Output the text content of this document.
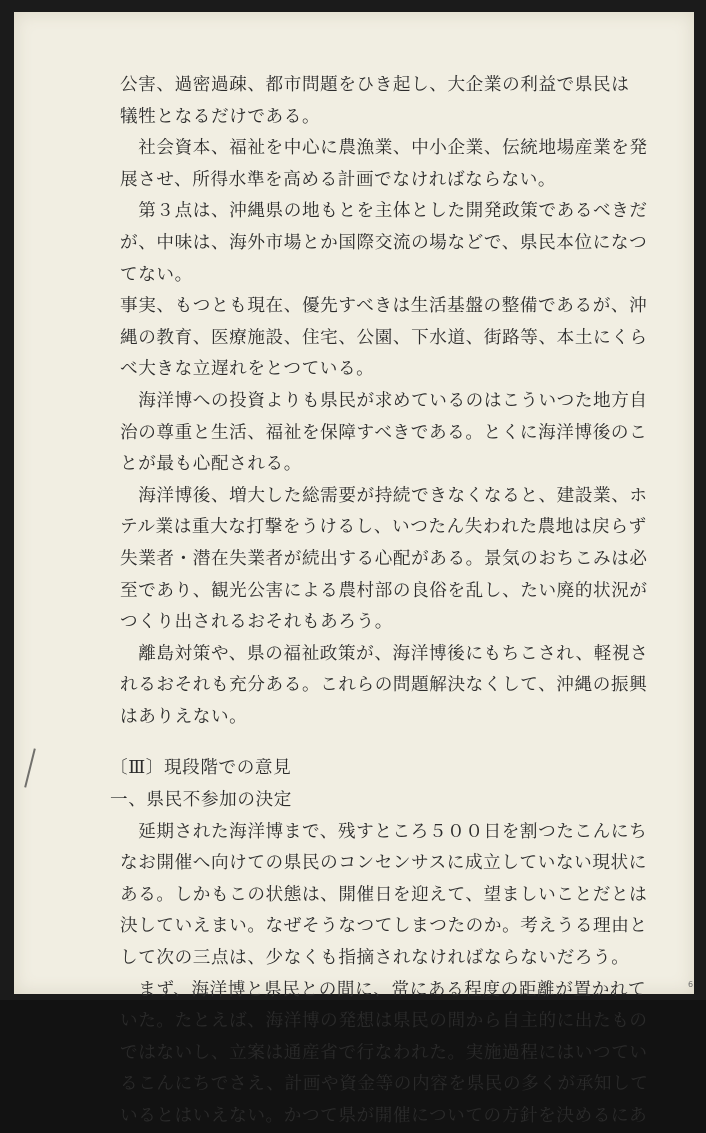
公害、過密過疎、都市問題をひき起し、大企業の利益で県民は
犠牲となるだけである。
　社会資本、福祉を中心に農漁業、中小企業、伝統地場産業を発
展させ、所得水準を高める計画でなければならない。
　第３点は、沖縄県の地もとを主体とした開発政策であるべきだ
が、中味は、海外市場とか国際交流の場などで、県民本位になつ
てない。
事実、もつとも現在、優先すべきは生活基盤の整備であるが、沖
縄の教育、医療施設、住宅、公園、下水道、街路等、本土にくら
べ大きな立遅れをとつている。
　海洋博への投資よりも県民が求めているのはこういつた地方自
治の尊重と生活、福祉を保障すべきである。とくに海洋博後のこ
とが最も心配される。
　海洋博後、増大した総需要が持続できなくなると、建設業、ホ
テル業は重大な打撃をうけるし、いつたん失われた農地は戻らず
失業者・潜在失業者が続出する心配がある。景気のおちこみは必
至であり、観光公害による農村部の良俗を乱し、たい廃的状況が
つくり出されるおそれもあろう。
　離島対策や、県の福祉政策が、海洋博後にもちこされ、軽視さ
れるおそれも充分ある。これらの問題解決なくして、沖縄の振興
はありえない。
〔Ⅲ〕現段階での意見
一、県民不参加の決定
　延期された海洋博まで、残すところ５００日を割つたこんにち
なお開催へ向けての県民のコンセンサスに成立していない現状に
ある。しかもこの状態は、開催日を迎えて、望ましいことだとは
決していえまい。なぜそうなつてしまつたのか。考えうる理由と
して次の三点は、少なくも指摘されなければならないだろう。
　まず、海洋博と県民との間に、常にある程度の距離が置かれて
いた。たとえば、海洋博の発想は県民の間から自主的に出たもの
ではないし、立案は通産省で行なわれた。実施過程にはいつてい
るこんにちでさえ、計画や資金等の内容を県民の多くが承知して
いるとはいえない。かつて県が開催についての方針を決めるにあ
6
